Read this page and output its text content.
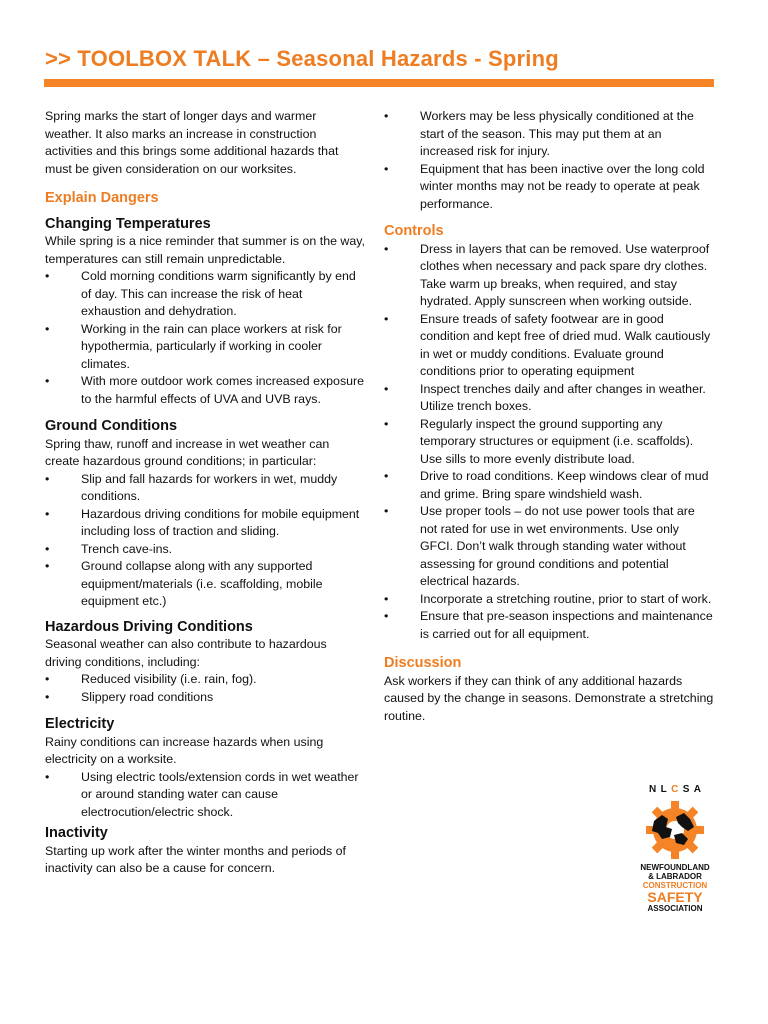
>> TOOLBOX TALK – Seasonal Hazards - Spring

Spring marks the start of longer days and warmer weather. It also marks an increase in construction activities and this brings some additional hazards that must be given consideration on our worksites.

Explain Dangers
Changing Temperatures

While spring is a nice reminder that summer is on the way, temperatures can still remain unpredictable.

•	Cold morning conditions warm significantly by end of day. This can increase the risk of heat exhaustion and dehydration.
•	Working in the rain can place workers at risk for hypothermia, particularly if working in cooler climates.
•	With more outdoor work comes increased exposure to the harmful effects of UVA and UVB rays.
Ground Conditions

Spring thaw, runoff and increase in wet weather can create hazardous ground conditions; in particular:

•	Slip and fall hazards for workers in wet, muddy conditions.
•	Hazardous driving conditions for mobile equipment including loss of traction and sliding.
•	Trench cave-ins.
•	Ground collapse along with any supported equipment/materials (i.e. scaffolding, mobile equipment etc.)
Hazardous Driving Conditions

Seasonal weather can also contribute to hazardous driving conditions, including:

•	Reduced visibility (i.e. rain, fog).
•	Slippery road conditions
Electricity

Rainy conditions can increase hazards when using electricity on a worksite.

•	Using electric tools/extension cords in wet weather or around standing water can cause electrocution/electric shock.
Inactivity

Starting up work after the winter months and periods of inactivity can also be a cause for concern.

•	Workers may be less physically conditioned at the start of the season. This may put them at an increased risk for injury.
•	Equipment that has been inactive over the long cold winter months may not be ready to operate at peak performance.
Controls
•	Dress in layers that can be removed. Use waterproof clothes when necessary and pack spare dry clothes. Take warm up breaks, when required, and stay hydrated. Apply sunscreen when working outside.
•	Ensure treads of safety footwear are in good condition and kept free of dried mud. Walk cautiously in wet or muddy conditions. Evaluate ground conditions prior to operating equipment
•	Inspect trenches daily and after changes in weather. Utilize trench boxes.
•	Regularly inspect the ground supporting any temporary structures or equipment (i.e. scaffolds). Use sills to more evenly distribute load.
•	Drive to road conditions. Keep windows clear of mud and grime. Bring spare windshield wash.
•	Use proper tools – do not use power tools that are not rated for use in wet environments. Use only GFCI. Don’t walk through standing water without assessing for ground conditions and potential electrical hazards.
•	Incorporate a stretching routine, prior to start of work.
•	Ensure that pre-season inspections and maintenance is carried out for all equipment.
Discussion

Ask workers if they can think of any additional hazards caused by the change in seasons. Demonstrate a stretching routine.

N L C S A
NEWFOUNDLAND
& LABRADOR
CONSTRUCTION
SAFETY
ASSOCIATION
